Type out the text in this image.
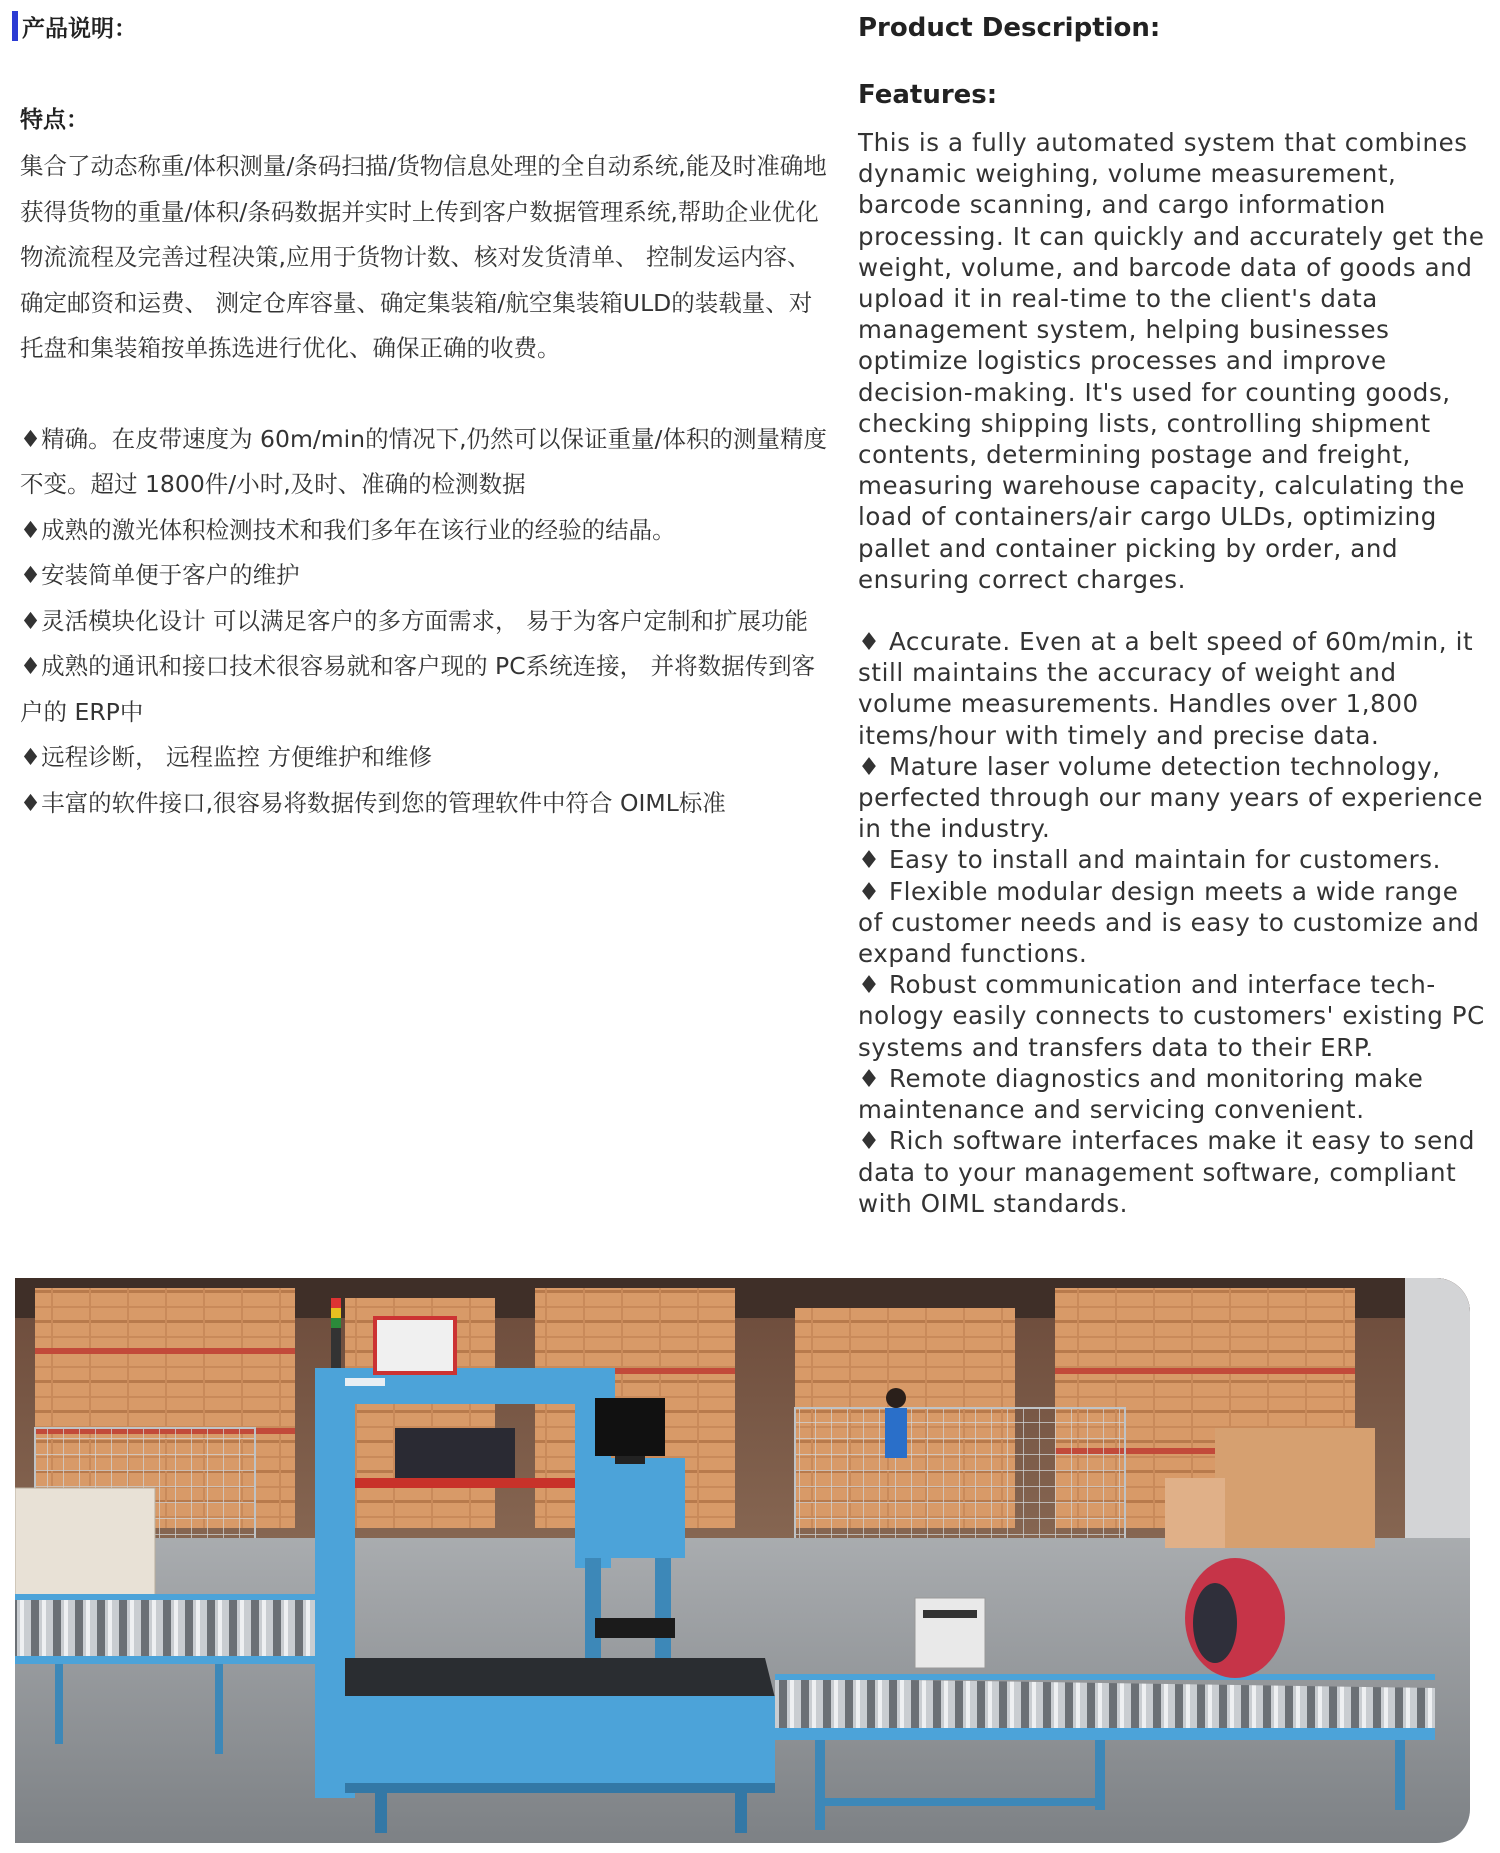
产品说明：
特点：
集合了动态称重/体积测量/条码扫描/货物信息处理的全自动系统,能及时准确地获得货物的重量/体积/条码数据并实时上传到客户数据管理系统,帮助企业优化物流流程及完善过程决策,应用于货物计数、核对发货清单、 控制发运内容、确定邮资和运费、 测定仓库容量、确定集装箱/航空集装箱ULD的装载量、对托盘和集装箱按单拣选进行优化、确保正确的收费。
♦精确。在皮带速度为 60m/min的情况下,仍然可以保证重量/体积的测量精度不变。超过 1800件/小时,及时、准确的检测数据
♦成熟的激光体积检测技术和我们多年在该行业的经验的结晶。
♦安装简单便于客户的维护
♦灵活模块化设计 可以满足客户的多方面需求， 易于为客户定制和扩展功能
♦成熟的通讯和接口技术很容易就和客户现的 PC系统连接， 并将数据传到客户的 ERP中
♦远程诊断， 远程监控 方便维护和维修
♦丰富的软件接口,很容易将数据传到您的管理软件中符合 OIML标准
Product Description:
Features:
This is a fully automated system that combines dynamic weighing, volume measurement, barcode scanning, and cargo information processing. It can quickly and accurately get the weight, volume, and barcode data of goods and upload it in real-time to the client's data management system, helping businesses optimize logistics processes and improve decision-making. It's used for counting goods, checking shipping lists, controlling shipment contents, determining postage and freight, measuring warehouse capacity, calculating the load of containers/air cargo ULDs, optimizing pallet and container picking by order, and ensuring correct charges.
♦ Accurate. Even at a belt speed of 60m/min, it still maintains the accuracy of weight and volume measurements. Handles over 1,800 items/hour with timely and precise data.
♦ Mature laser volume detection technology, perfected through our many years of experience in the industry.
♦ Easy to install and maintain for customers.
♦ Flexible modular design meets a wide range of customer needs and is easy to customize and expand functions.
♦ Robust communication and interface tech-nology easily connects to customers' existing PC systems and transfers data to their ERP.
♦ Remote diagnostics and monitoring make maintenance and servicing convenient.
♦ Rich software interfaces make it easy to send data to your management software, compliant with OIML standards.
